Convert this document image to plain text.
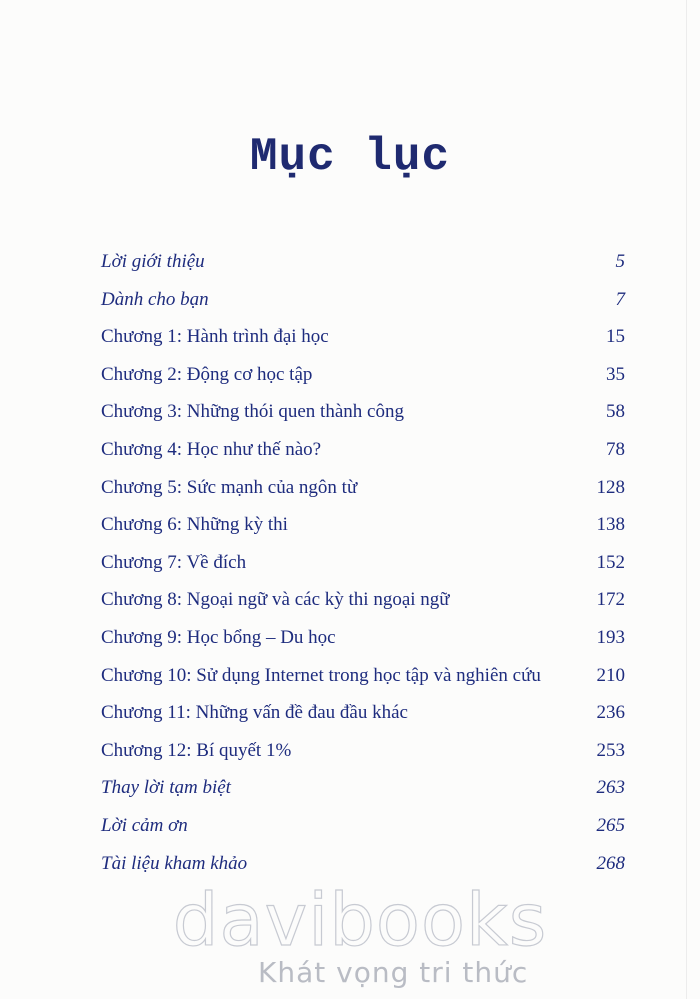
Mục lục
Lời giới thiệu	5
Dành cho bạn	7
Chương 1: Hành trình đại học	15
Chương 2: Động cơ học tập	35
Chương 3: Những thói quen thành công	58
Chương 4: Học như thế nào?	78
Chương 5: Sức mạnh của ngôn từ	128
Chương 6: Những kỳ thi	138
Chương 7: Về đích	152
Chương 8: Ngoại ngữ và các kỳ thi ngoại ngữ	172
Chương 9: Học bổng – Du học	193
Chương 10: Sử dụng Internet trong học tập và nghiên cứu	210
Chương 11: Những vấn đề đau đầu khác	236
Chương 12: Bí quyết 1%	253
Thay lời tạm biệt	263
Lời cảm ơn	265
Tài liệu kham khảo	268
davibooks
Khát vọng tri thức
